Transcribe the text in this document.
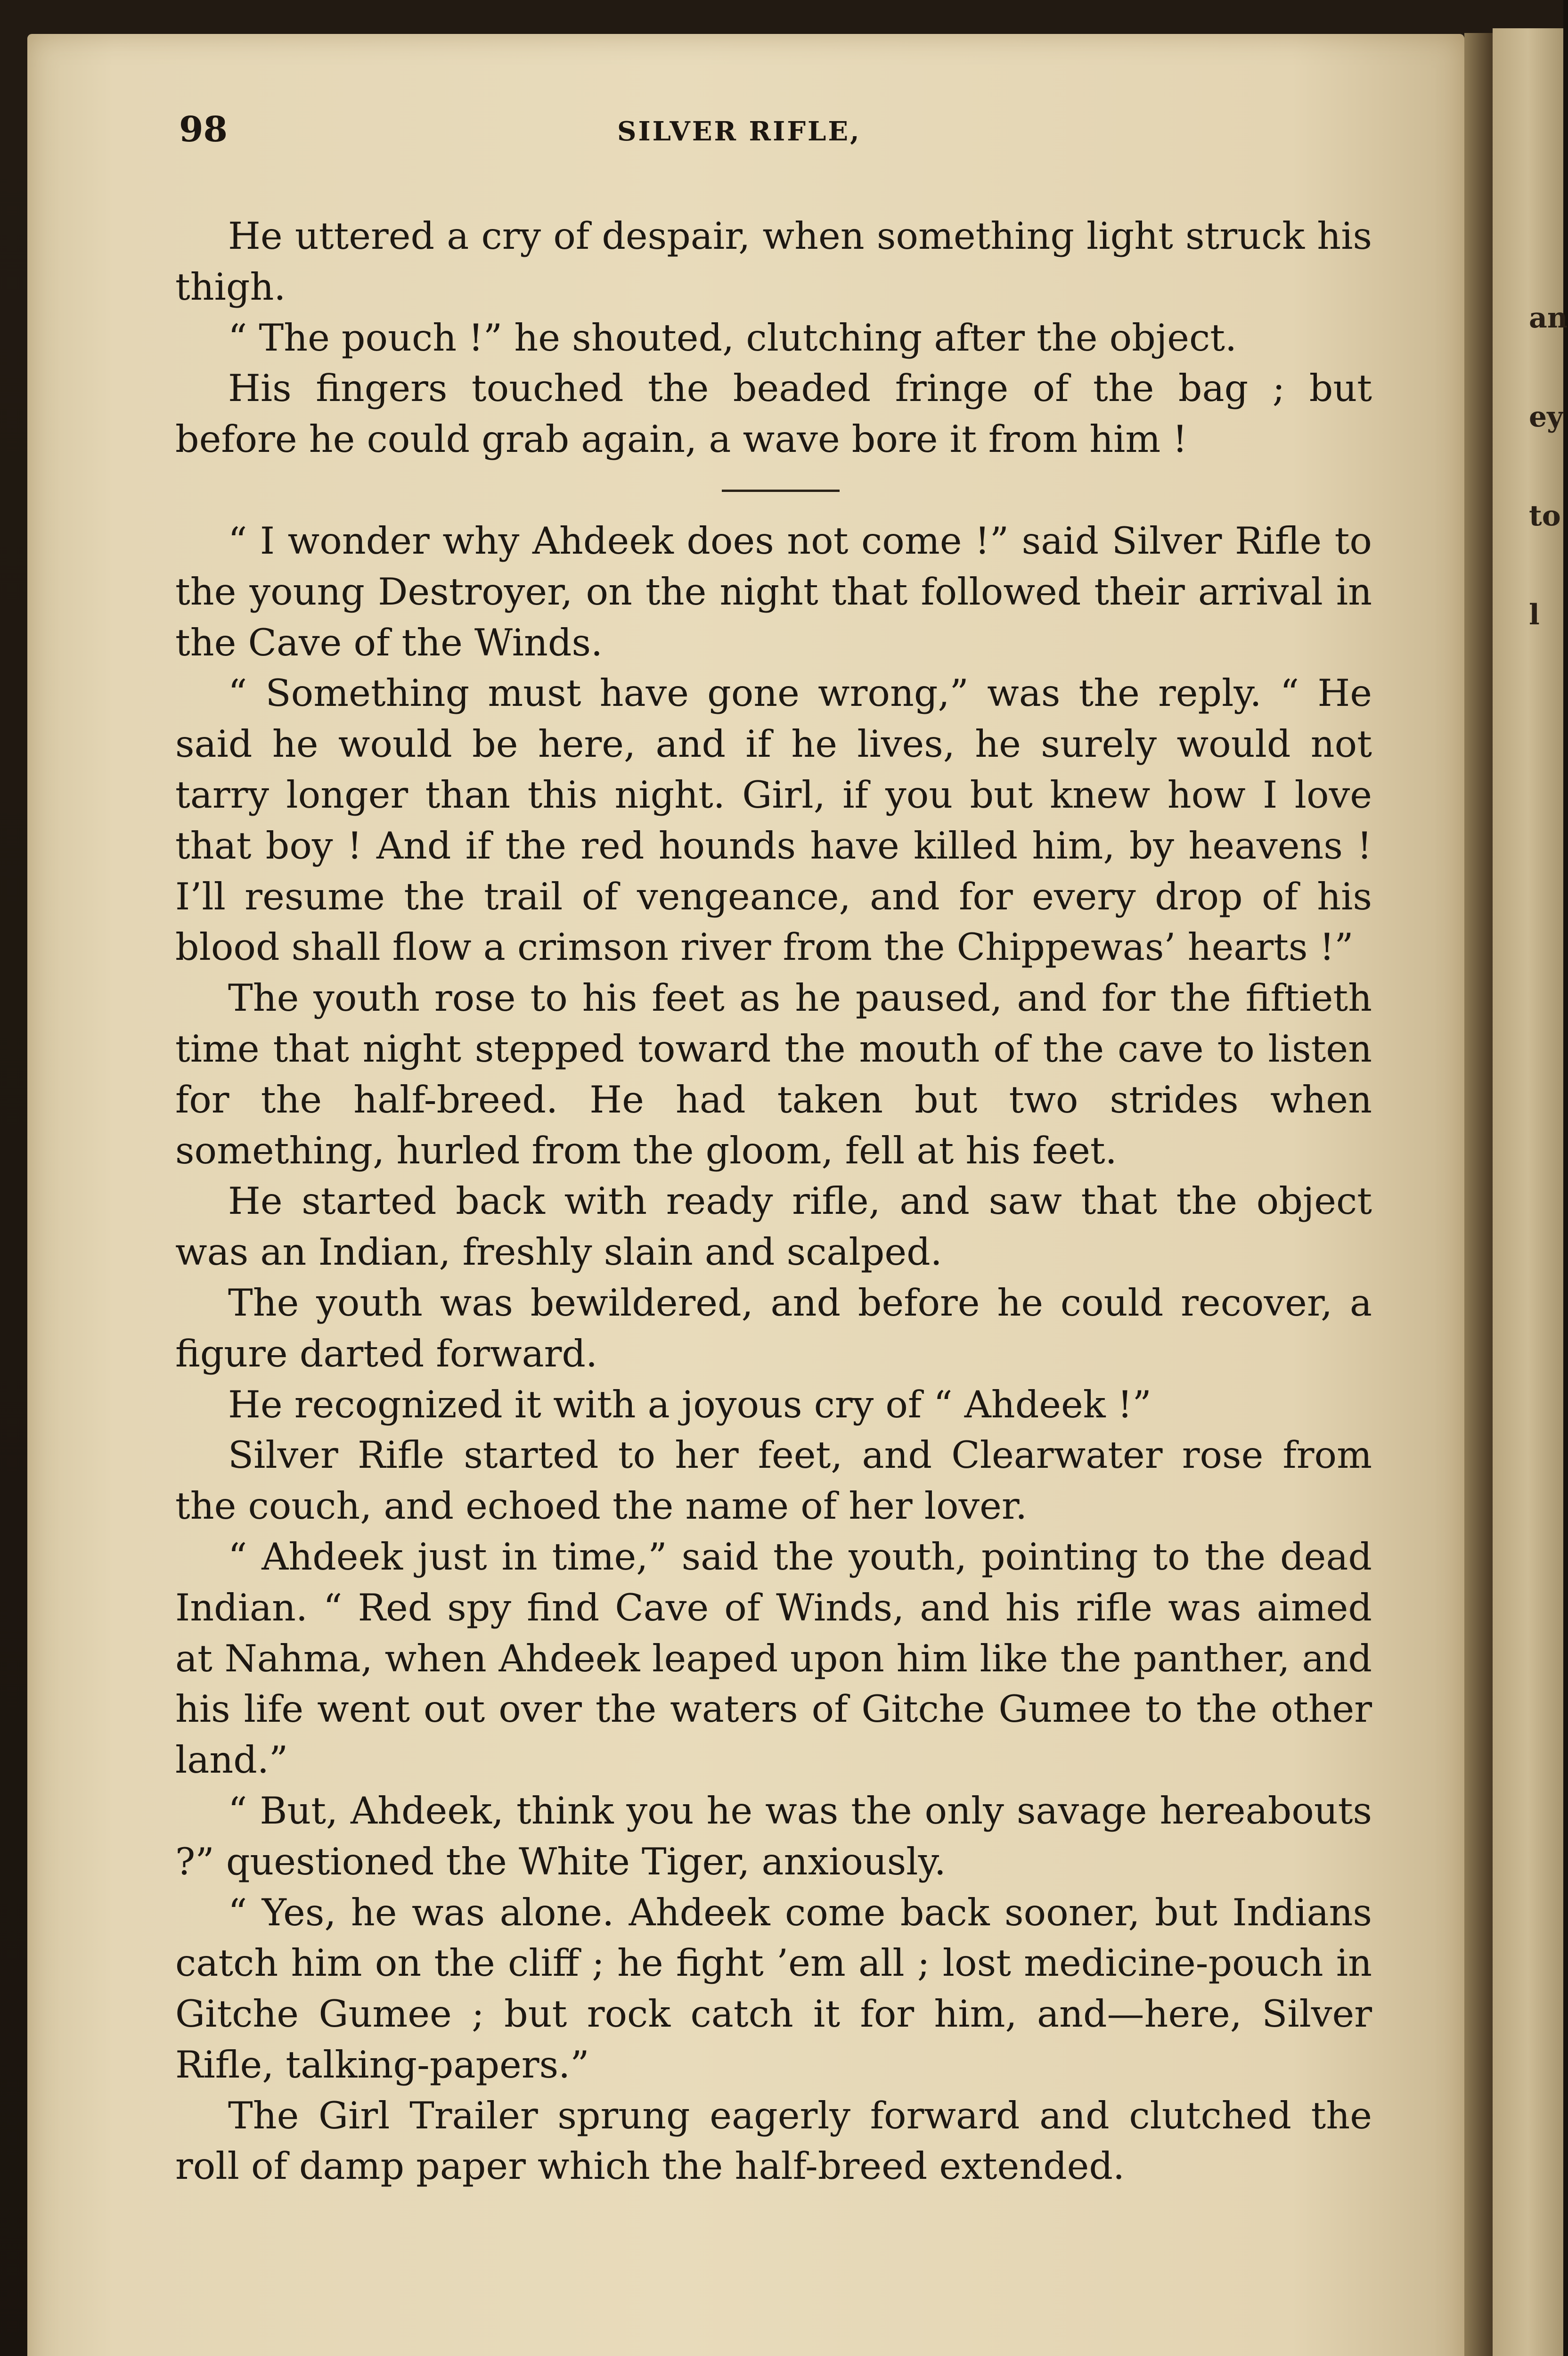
an
ey
to
l
98	SILVER RIFLE,

He uttered a cry of despair, when something light struck his thigh.

“ The pouch !” he shouted, clutching after the object.

His fingers touched the beaded fringe of the bag ; but before he could grab again, a wave bore it from him !

“ I wonder why Ahdeek does not come !” said Silver Rifle to the young Destroyer, on the night that followed their arrival in the Cave of the Winds.

“ Something must have gone wrong,” was the reply. “ He said he would be here, and if he lives, he surely would not tarry longer than this night. Girl, if you but knew how I love that boy ! And if the red hounds have killed him, by heavens ! I’ll resume the trail of vengeance, and for every drop of his blood shall flow a crimson river from the Chippewas’ hearts !”

The youth rose to his feet as he paused, and for the fiftieth time that night stepped toward the mouth of the cave to listen for the half-breed. He had taken but two strides when something, hurled from the gloom, fell at his feet.

He started back with ready rifle, and saw that the object was an Indian, freshly slain and scalped.

The youth was bewildered, and before he could recover, a figure darted forward.

He recognized it with a joyous cry of “ Ahdeek !”

Silver Rifle started to her feet, and Clearwater rose from the couch, and echoed the name of her lover.

“ Ahdeek just in time,” said the youth, pointing to the dead Indian. “ Red spy find Cave of Winds, and his rifle was aimed at Nahma, when Ahdeek leaped upon him like the panther, and his life went out over the waters of Gitche Gumee to the other land.”

“ But, Ahdeek, think you he was the only savage hereabouts ?” questioned the White Tiger, anxiously.

“ Yes, he was alone. Ahdeek come back sooner, but Indians catch him on the cliff ; he fight ’em all ; lost medicine-pouch in Gitche Gumee ; but rock catch it for him, and—here, Silver Rifle, talking-papers.”

The Girl Trailer sprung eagerly forward and clutched the roll of damp paper which the half-breed extended.
